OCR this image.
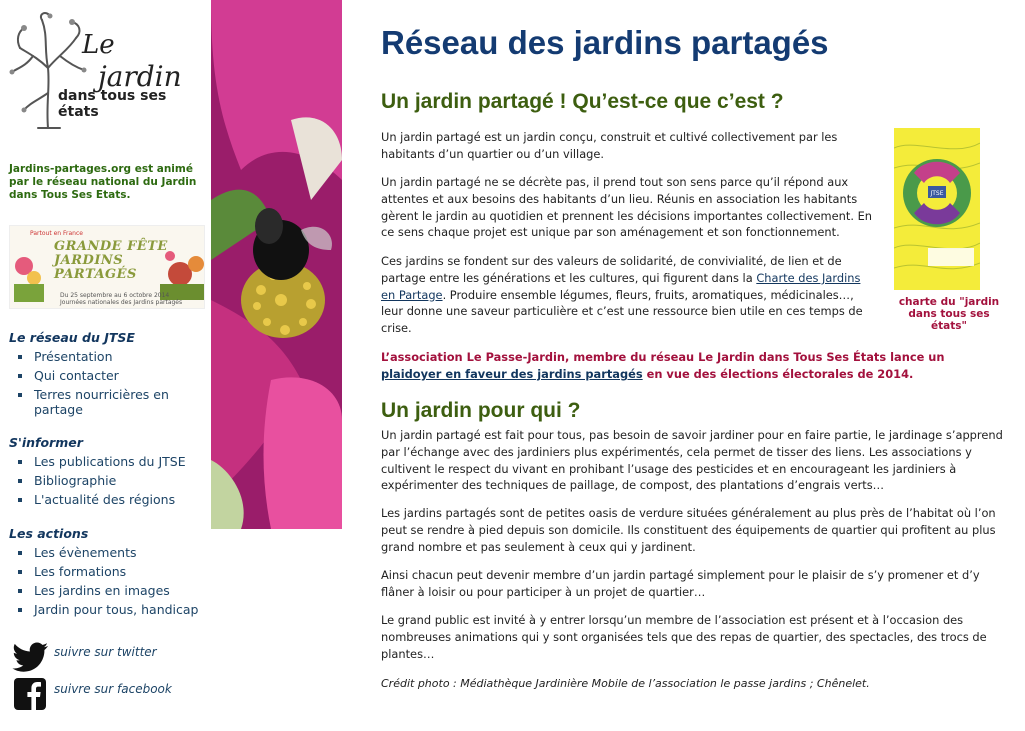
Le
jardin
dans tous ses états
Jardins-partages.org est animé par le réseau national du Jardin dans Tous Ses Etats.
Partout en France
GRANDE FÊTE
JARDINS
PARTAGÉS
Du 25 septembre au 6 octobre 2014
Journées nationales des Jardins partagés
Le réseau du JTSE
Présentation
Qui contacter
Terres nourricières en partage
S'informer
Les publications du JTSE
Bibliographie
L'actualité des régions
Les actions
Les évènements
Les formations
Les jardins en images
Jardin pour tous, handicap
suivre sur twitter
suivre sur facebook
Réseau des jardins partagés
Un jardin partagé ! Qu’est-ce que c’est ?

Un jardin partagé est un jardin conçu, construit et cultivé collectivement par les habitants d’un quartier ou d’un village.

Un jardin partagé ne se décrète pas, il prend tout son sens parce qu’il répond aux attentes et aux besoins des habitants d’un lieu. Réunis en association les habitants gèrent le jardin au quotidien et prennent les décisions importantes collectivement. En ce sens chaque projet est unique par son aménagement et son fonctionnement.

Ces jardins se fondent sur des valeurs de solidarité, de convivialité, de lien et de partage entre les générations et les cultures, qui figurent dans la Charte des Jardins en Partage. Produire ensemble légumes, fleurs, fruits, aromatiques, médicinales…, leur donne une saveur particulière et c’est une ressource bien utile en ces temps de crise.

L’association Le Passe-Jardin, membre du réseau Le Jardin dans Tous Ses États lance un plaidoyer en faveur des jardins partagés en vue des élections électorales de 2014.

Un jardin pour qui ?

Un jardin partagé est fait pour tous, pas besoin de savoir jardiner pour en faire partie, le jardinage s’apprend par l’échange avec des jardiniers plus expérimentés, cela permet de tisser des liens. Les associations y cultivent le respect du vivant en prohibant l’usage des pesticides et en encourageant les jardiniers à expérimenter des techniques de paillage, de compost, des plantations d’engrais verts…

Les jardins partagés sont de petites oasis de verdure situées généralement au plus près de l’habitat où l’on peut se rendre à pied depuis son domicile. Ils constituent des équipements de quartier qui profitent au plus grand nombre et pas seulement à ceux qui y jardinent.

Ainsi chacun peut devenir membre d’un jardin partagé simplement pour le plaisir de s’y promener et d’y flâner à loisir ou pour participer à un projet de quartier…

Le grand public est invité à y entrer lorsqu’un membre de l’association est présent et à l’occasion des nombreuses animations qui y sont organisées tels que des repas de quartier, des spectacles, des trocs de plantes…

Crédit photo : Médiathèque Jardinière Mobile de l’association le passe jardins ; Chênelet.

JTSE
charte du "jardin dans tous ses états"
